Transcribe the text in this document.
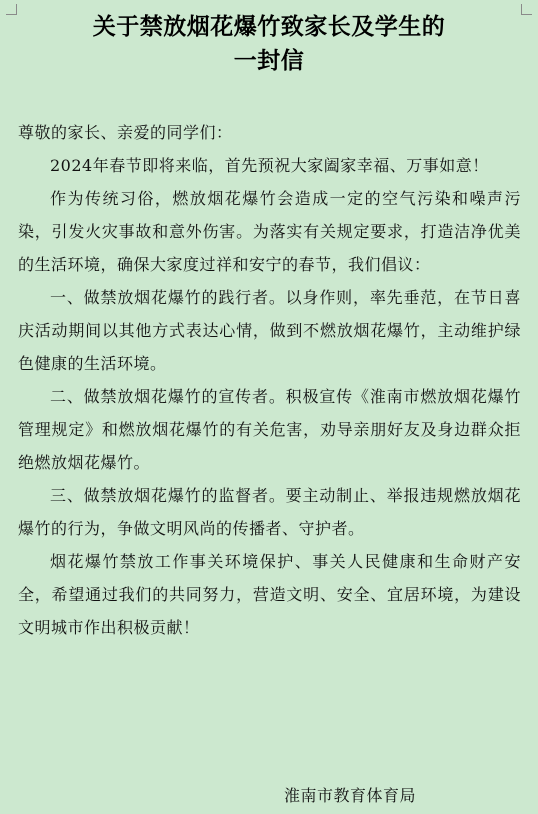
关于禁放烟花爆竹致家长及学生的
一封信

尊敬的家长、亲爱的同学们：

2024年春节即将来临，首先预祝大家阖家幸福、万事如意！

作为传统习俗，燃放烟花爆竹会造成一定的空气污染和噪声污染，引发火灾事故和意外伤害。为落实有关规定要求，打造洁净优美的生活环境，确保大家度过祥和安宁的春节，我们倡议：

一、做禁放烟花爆竹的践行者。以身作则，率先垂范，在节日喜庆活动期间以其他方式表达心情，做到不燃放烟花爆竹，主动维护绿色健康的生活环境。

二、做禁放烟花爆竹的宣传者。积极宣传《淮南市燃放烟花爆竹管理规定》和燃放烟花爆竹的有关危害，劝导亲朋好友及身边群众拒绝燃放烟花爆竹。

三、做禁放烟花爆竹的监督者。要主动制止、举报违规燃放烟花爆竹的行为，争做文明风尚的传播者、守护者。

烟花爆竹禁放工作事关环境保护、事关人民健康和生命财产安全，希望通过我们的共同努力，营造文明、安全、宜居环境，为建设文明城市作出积极贡献！

淮南市教育体育局
